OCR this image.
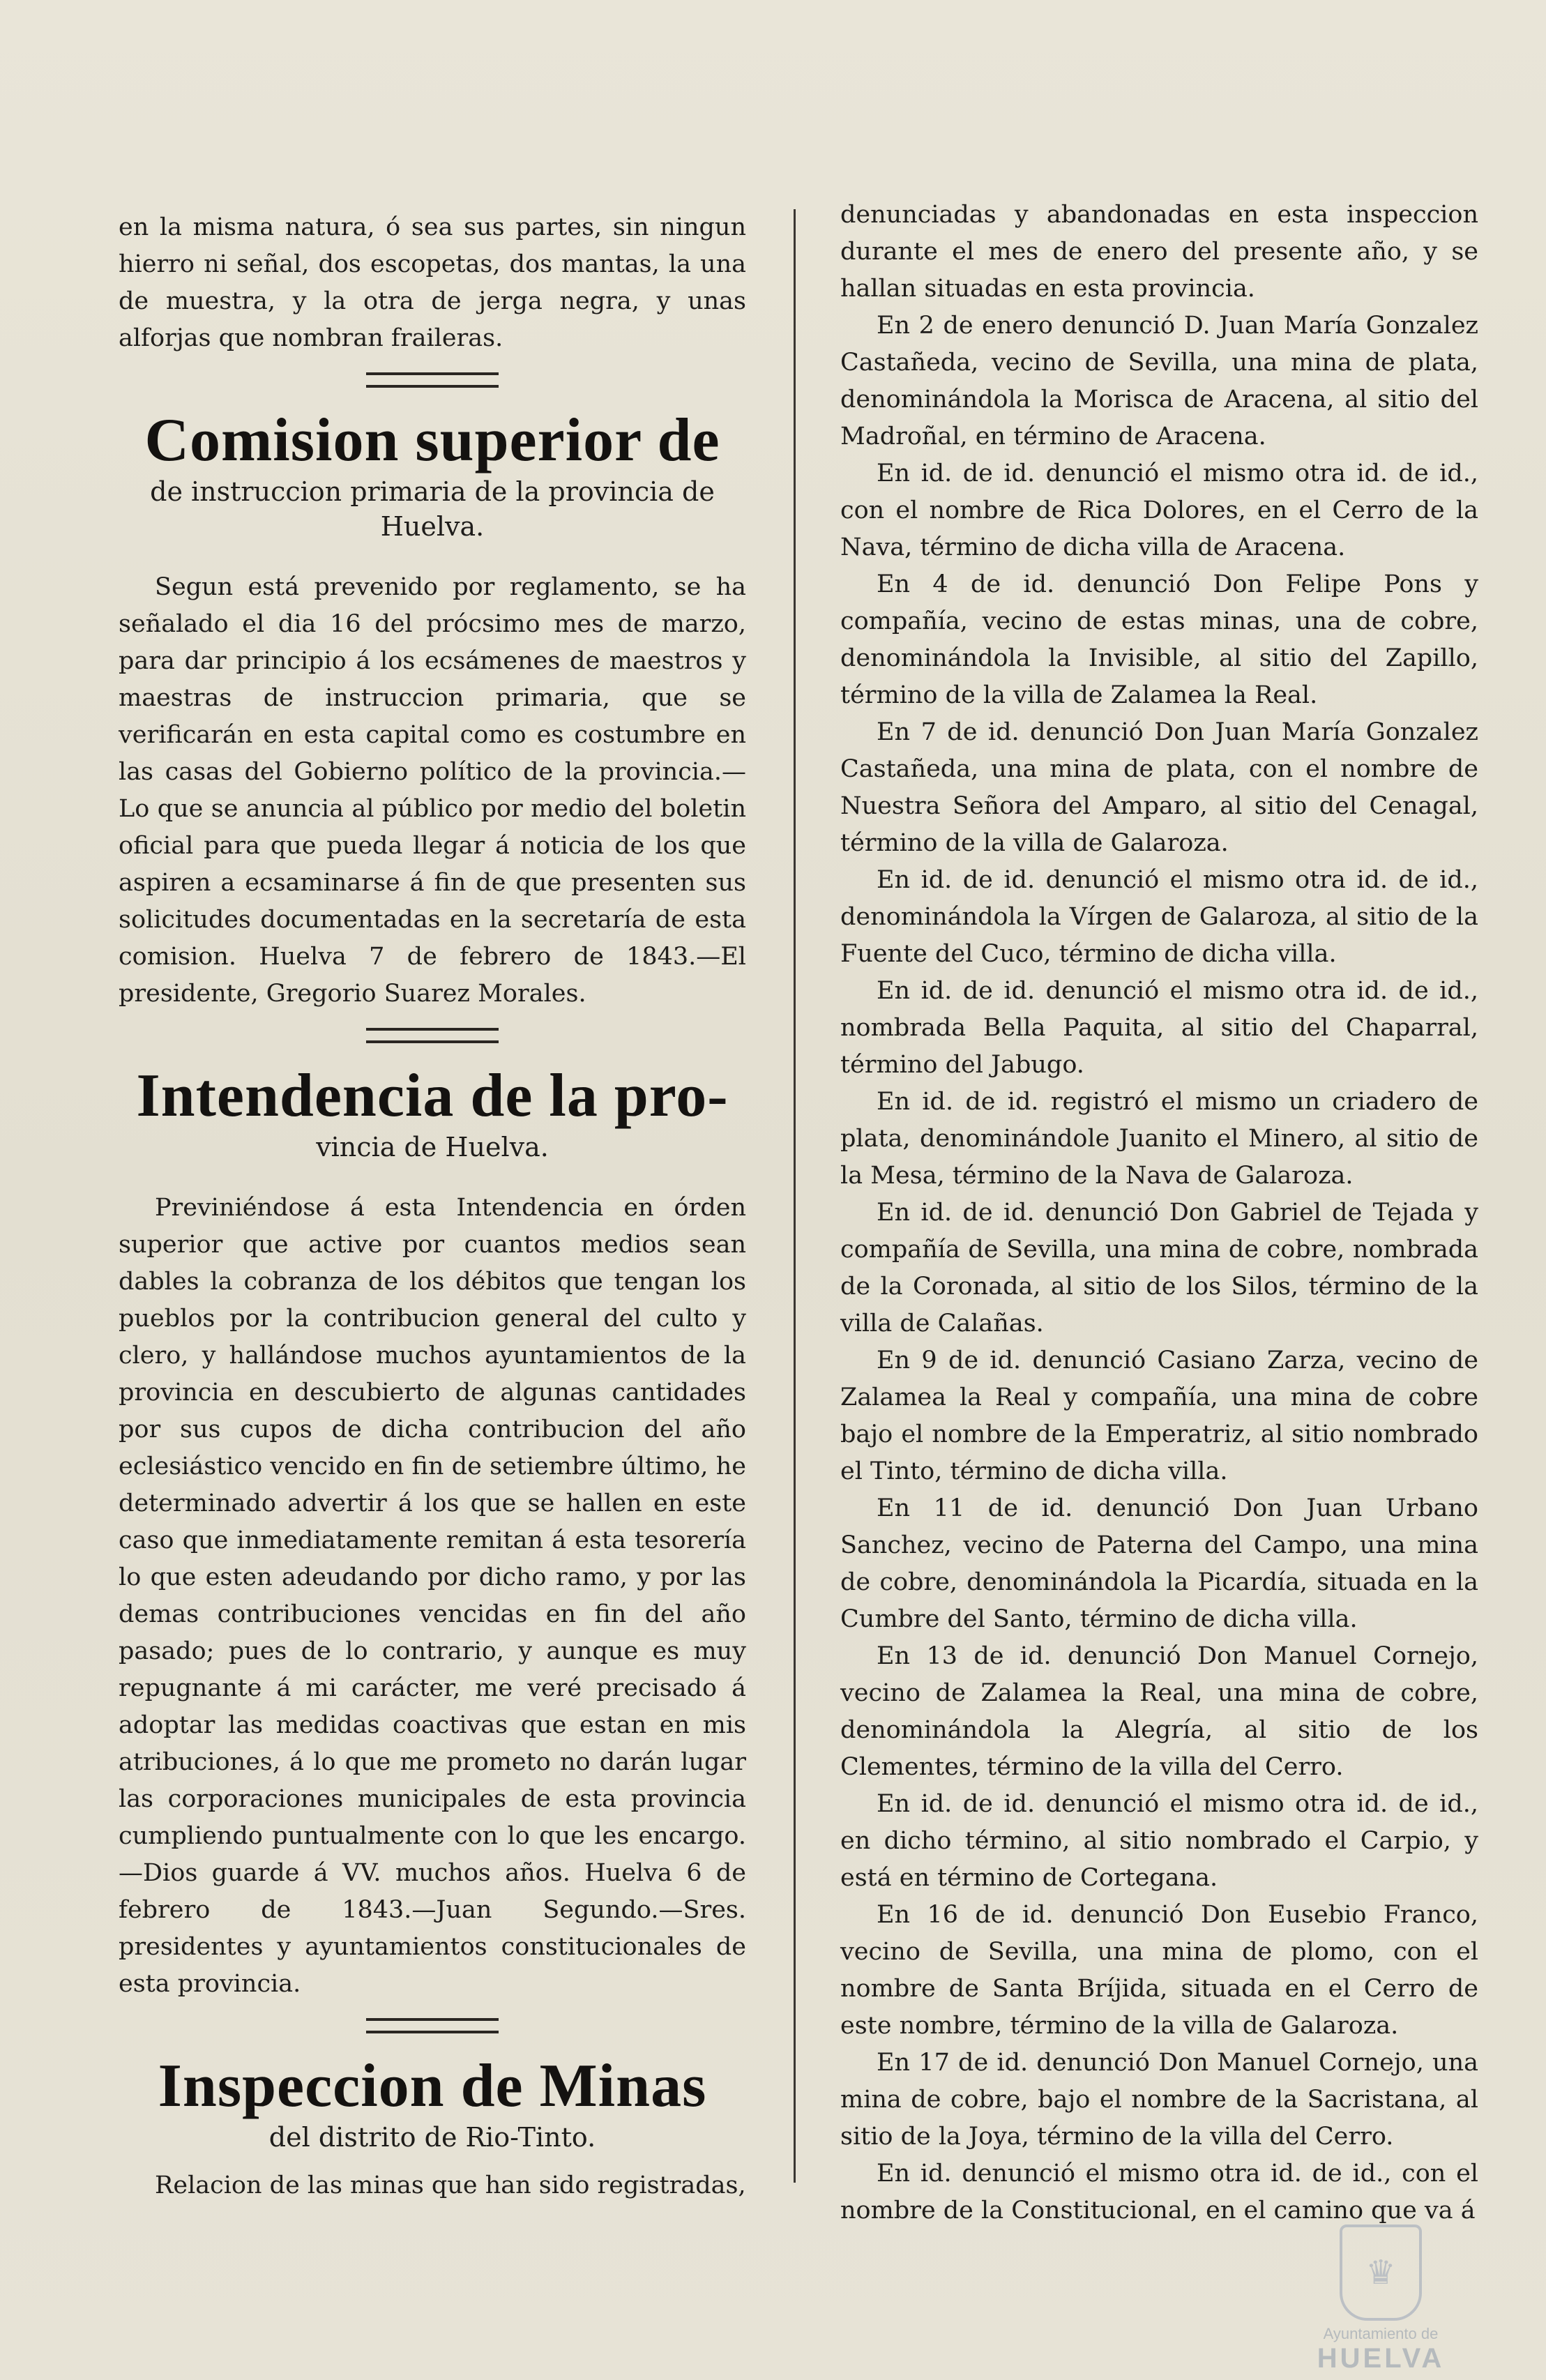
en la misma natura, ó sea sus partes, sin ningun hierro ni señal, dos escopetas, dos mantas, la una de muestra, y la otra de jerga negra, y unas alforjas que nombran fraileras.

Comision superior de
de instruccion primaria de la provincia de Huelva.

Segun está prevenido por reglamento, se ha señalado el dia 16 del prócsimo mes de marzo, para dar principio á los ecsámenes de maestros y maestras de instruccion primaria, que se verificarán en esta capital como es costumbre en las casas del Gobierno político de la provincia.—Lo que se anuncia al público por medio del boletin oficial para que pueda llegar á noticia de los que aspiren a ecsaminarse á fin de que presenten sus solicitudes documentadas en la secretaría de esta comision. Huelva 7 de febrero de 1843.—El presidente, Gregorio Suarez Morales.

Intendencia de la pro-
vincia de Huelva.

Previniéndose á esta Intendencia en órden superior que active por cuantos medios sean dables la cobranza de los débitos que tengan los pueblos por la contribucion general del culto y clero, y hallándose muchos ayuntamientos de la provincia en descubierto de algunas cantidades por sus cupos de dicha contribucion del año eclesiástico vencido en fin de setiembre último, he determinado advertir á los que se hallen en este caso que inmediatamente remitan á esta tesorería lo que esten adeudando por dicho ramo, y por las demas contribuciones vencidas en fin del año pasado; pues de lo contrario, y aunque es muy repugnante á mi carácter, me veré precisado á adoptar las medidas coactivas que estan en mis atribuciones, á lo que me prometo no darán lugar las corporaciones municipales de esta provincia cumpliendo puntualmente con lo que les encargo.—Dios guarde á VV. muchos años. Huelva 6 de febrero de 1843.—Juan Segundo.—Sres. presidentes y ayuntamientos constitucionales de esta provincia.

Inspeccion de Minas
del distrito de Rio-Tinto.

Relacion de las minas que han sido registradas,

denunciadas y abandonadas en esta inspeccion durante el mes de enero del presente año, y se hallan situadas en esta provincia.

En 2 de enero denunció D. Juan María Gonzalez Castañeda, vecino de Sevilla, una mina de plata, denominándola la Morisca de Aracena, al sitio del Madroñal, en término de Aracena.

En id. de id. denunció el mismo otra id. de id., con el nombre de Rica Dolores, en el Cerro de la Nava, término de dicha villa de Aracena.

En 4 de id. denunció Don Felipe Pons y compañía, vecino de estas minas, una de cobre, denominándola la Invisible, al sitio del Zapillo, término de la villa de Zalamea la Real.

En 7 de id. denunció Don Juan María Gonzalez Castañeda, una mina de plata, con el nombre de Nuestra Señora del Amparo, al sitio del Cenagal, término de la villa de Galaroza.

En id. de id. denunció el mismo otra id. de id., denominándola la Vírgen de Galaroza, al sitio de la Fuente del Cuco, término de dicha villa.

En id. de id. denunció el mismo otra id. de id., nombrada Bella Paquita, al sitio del Chaparral, término del Jabugo.

En id. de id. registró el mismo un criadero de plata, denominándole Juanito el Minero, al sitio de la Mesa, término de la Nava de Galaroza.

En id. de id. denunció Don Gabriel de Tejada y compañía de Sevilla, una mina de cobre, nombrada de la Coronada, al sitio de los Silos, término de la villa de Calañas.

En 9 de id. denunció Casiano Zarza, vecino de Zalamea la Real y compañía, una mina de cobre bajo el nombre de la Emperatriz, al sitio nombrado el Tinto, término de dicha villa.

En 11 de id. denunció Don Juan Urbano Sanchez, vecino de Paterna del Campo, una mina de cobre, denominándola la Picardía, situada en la Cumbre del Santo, término de dicha villa.

En 13 de id. denunció Don Manuel Cornejo, vecino de Zalamea la Real, una mina de cobre, denominándola la Alegría, al sitio de los Clementes, término de la villa del Cerro.

En id. de id. denunció el mismo otra id. de id., en dicho término, al sitio nombrado el Carpio, y está en término de Cortegana.

En 16 de id. denunció Don Eusebio Franco, vecino de Sevilla, una mina de plomo, con el nombre de Santa Bríjida, situada en el Cerro de este nombre, término de la villa de Galaroza.

En 17 de id. denunció Don Manuel Cornejo, una mina de cobre, bajo el nombre de la Sacristana, al sitio de la Joya, término de la villa del Cerro.

En id. denunció el mismo otra id. de id., con el nombre de la Constitucional, en el camino que va á

♛
Ayuntamiento de
HUELVA
